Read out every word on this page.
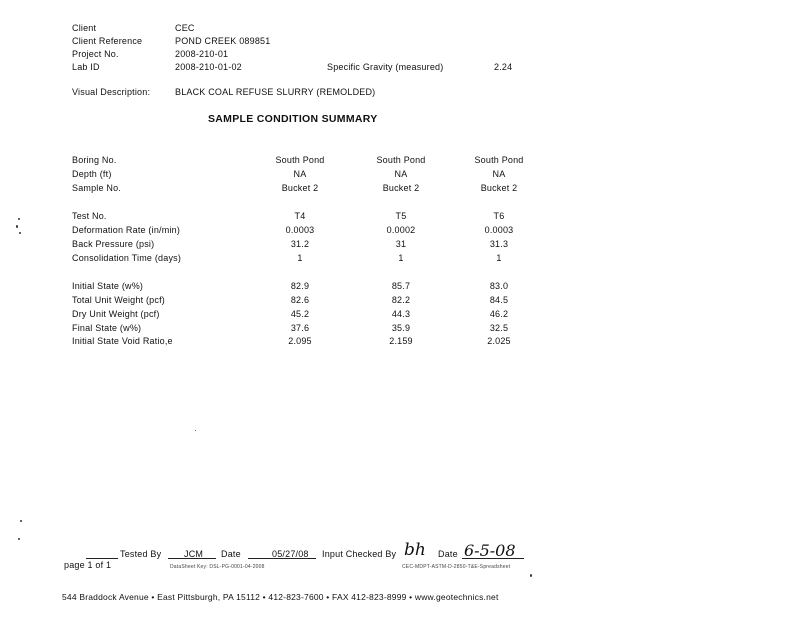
Client	CEC
Client Reference	POND CREEK 089851
Project No.	2008-210-01
Lab ID	2008-210-01-02	Specific Gravity (measured)	2.24
Visual Description:	BLACK COAL REFUSE SLURRY (REMOLDED)
SAMPLE CONDITION SUMMARY
Boring No.	South Pond	South Pond	South Pond
Depth (ft)	NA	NA	NA
Sample No.	Bucket 2	Bucket 2	Bucket 2
Test No.	T4	T5	T6
Deformation Rate (in/min)	0.0003	0.0002	0.0003
Back Pressure (psi)	31.2	31	31.3
Consolidation Time (days)	1	1	1
Initial State (w%)	82.9	85.7	83.0
Total Unit Weight (pcf)	82.6	82.2	84.5
Dry Unit Weight (pcf)	45.2	44.3	46.2
Final State (w%)	37.6	35.9	32.5
Initial State Void Ratio,e	2.095	2.159	2.025
Tested By	JCM Date	05/27/08 Input Checked By bh Date 6-5-08
page 1 of 1	DataSheet Key: DSL-PG-0001-04-2008	CEC-MDPT-ASTM-D-2850-T&E-Spreadsheet
544 Braddock Avenue • East Pittsburgh, PA 15112 • 412-823-7600 • FAX 412-823-8999 • www.geotechnics.net
